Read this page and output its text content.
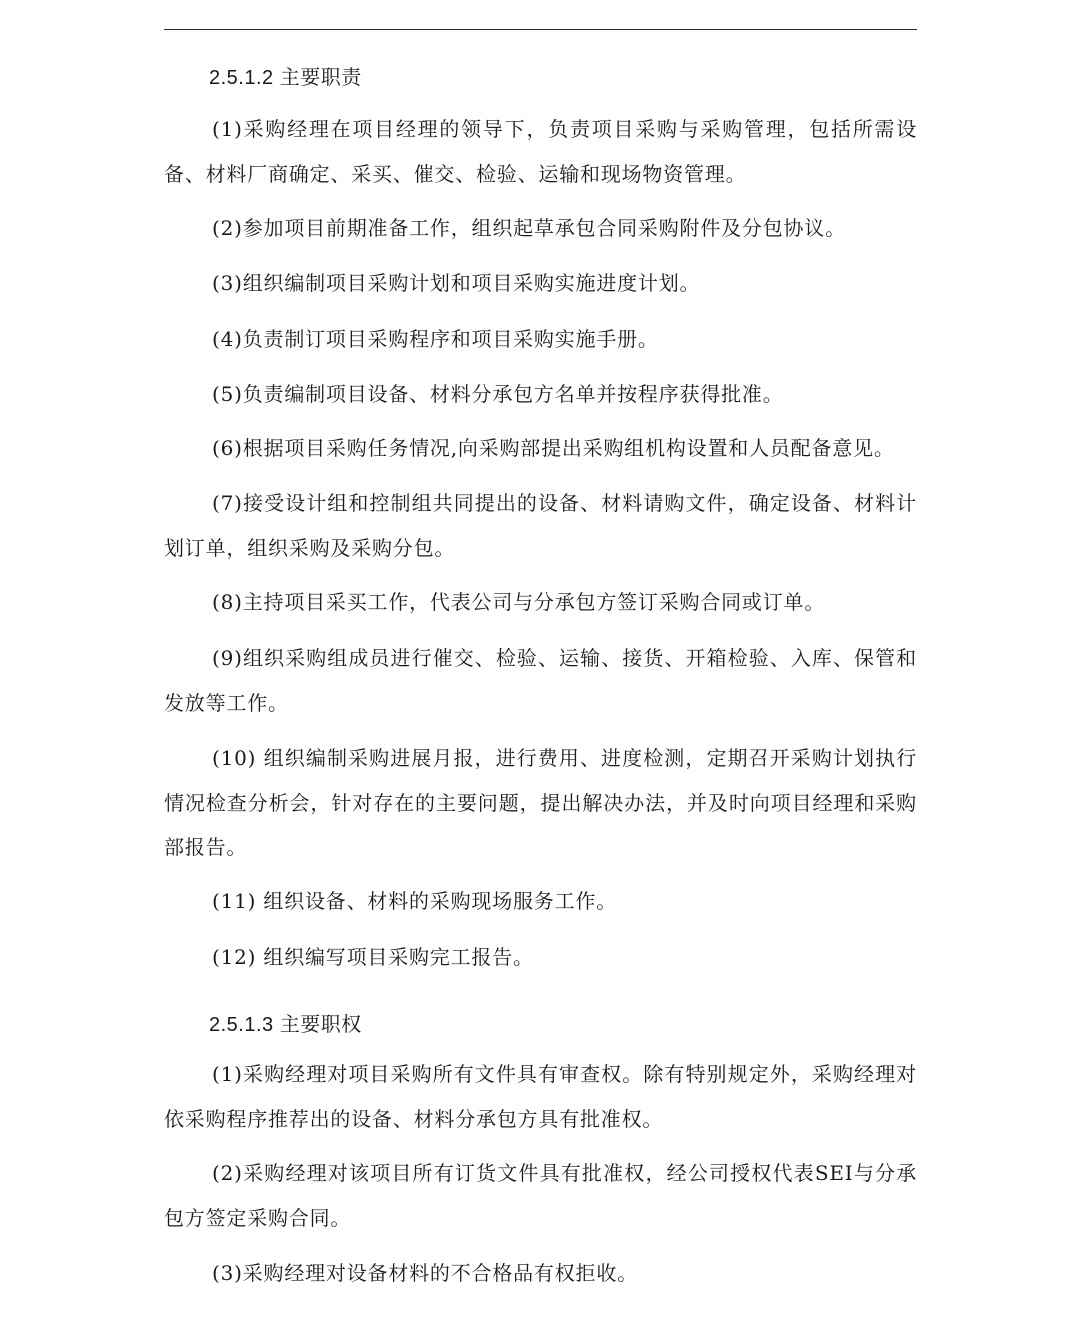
2.5.1.2 主要职责

(1)采购经理在项目经理的领导下，负责项目采购与采购管理，包括所需设备、材料厂商确定、采买、催交、检验、运输和现场物资管理。

(2)参加项目前期准备工作，组织起草承包合同采购附件及分包协议。

(3)组织编制项目采购计划和项目采购实施进度计划。

(4)负责制订项目采购程序和项目采购实施手册。

(5)负责编制项目设备、材料分承包方名单并按程序获得批准。

(6)根据项目采购任务情况,向采购部提出采购组机构设置和人员配备意见。

(7)接受设计组和控制组共同提出的设备、材料请购文件，确定设备、材料计划订单，组织采购及采购分包。

(8)主持项目采买工作，代表公司与分承包方签订采购合同或订单。

(9)组织采购组成员进行催交、检验、运输、接货、开箱检验、入库、保管和发放等工作。

(10) 组织编制采购进展月报，进行费用、进度检测，定期召开采购计划执行情况检查分析会，针对存在的主要问题，提出解决办法，并及时向项目经理和采购部报告。

(11) 组织设备、材料的采购现场服务工作。

(12) 组织编写项目采购完工报告。

2.5.1.3 主要职权

(1)采购经理对项目采购所有文件具有审查权。除有特别规定外，采购经理对依采购程序推荐出的设备、材料分承包方具有批准权。

(2)采购经理对该项目所有订货文件具有批准权，经公司授权代表SEI与分承包方签定采购合同。

(3)采购经理对设备材料的不合格品有权拒收。
